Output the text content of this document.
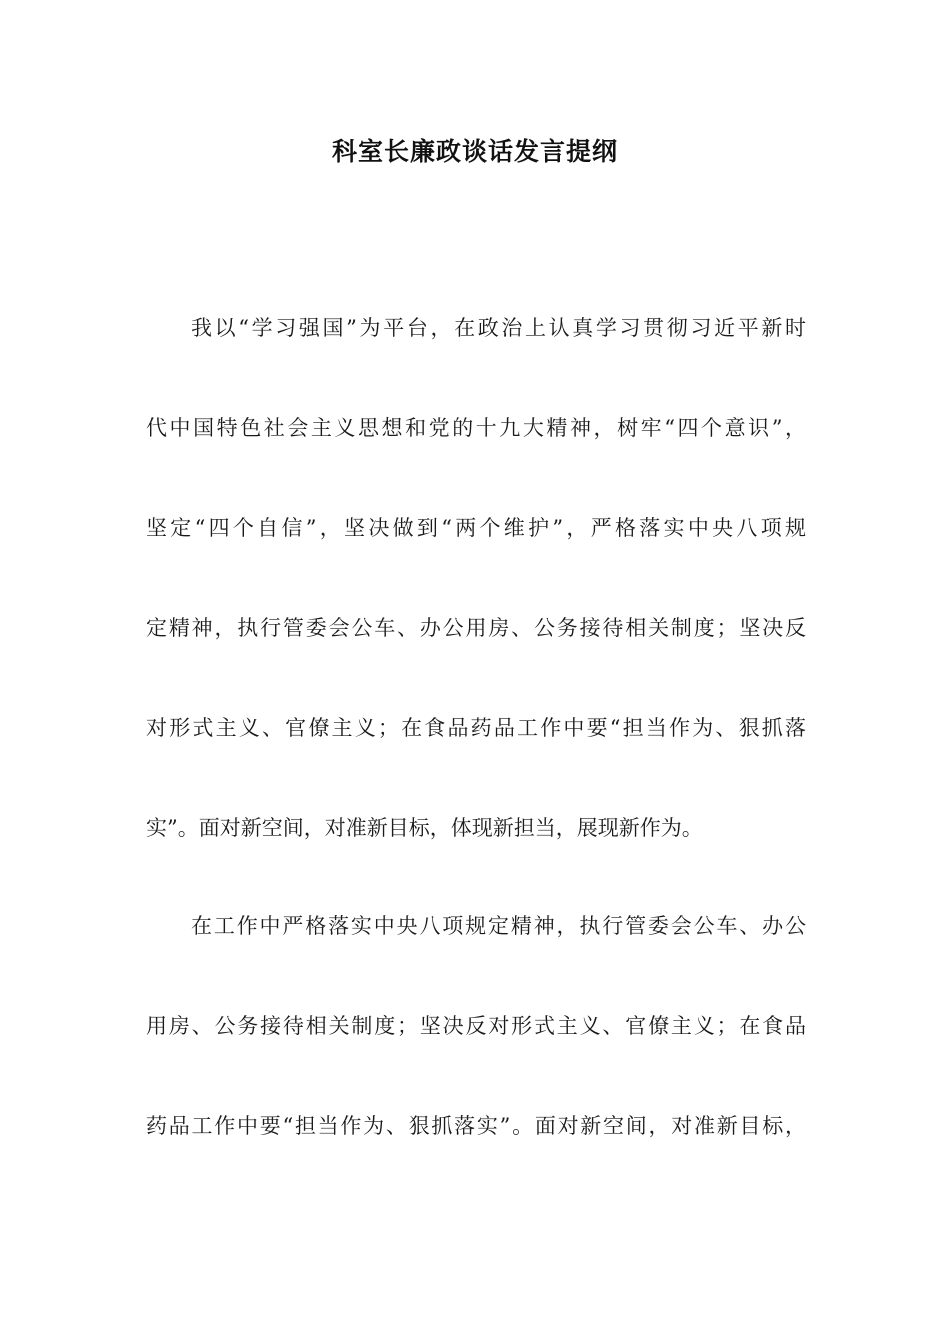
科室长廉政谈话发言提纲
我以“学习强国”为平台，在政治上认真学习贯彻习近平新时
代中国特色社会主义思想和党的十九大精神，树牢“四个意识”，
坚定“四个自信”，坚决做到“两个维护”，严格落实中央八项规
定精神，执行管委会公车、办公用房、公务接待相关制度；坚决反
对形式主义、官僚主义；在食品药品工作中要“担当作为、狠抓落
实”。面对新空间，对准新目标，体现新担当，展现新作为。
在工作中严格落实中央八项规定精神，执行管委会公车、办公
用房、公务接待相关制度；坚决反对形式主义、官僚主义；在食品
药品工作中要“担当作为、狠抓落实”。面对新空间，对准新目标，
